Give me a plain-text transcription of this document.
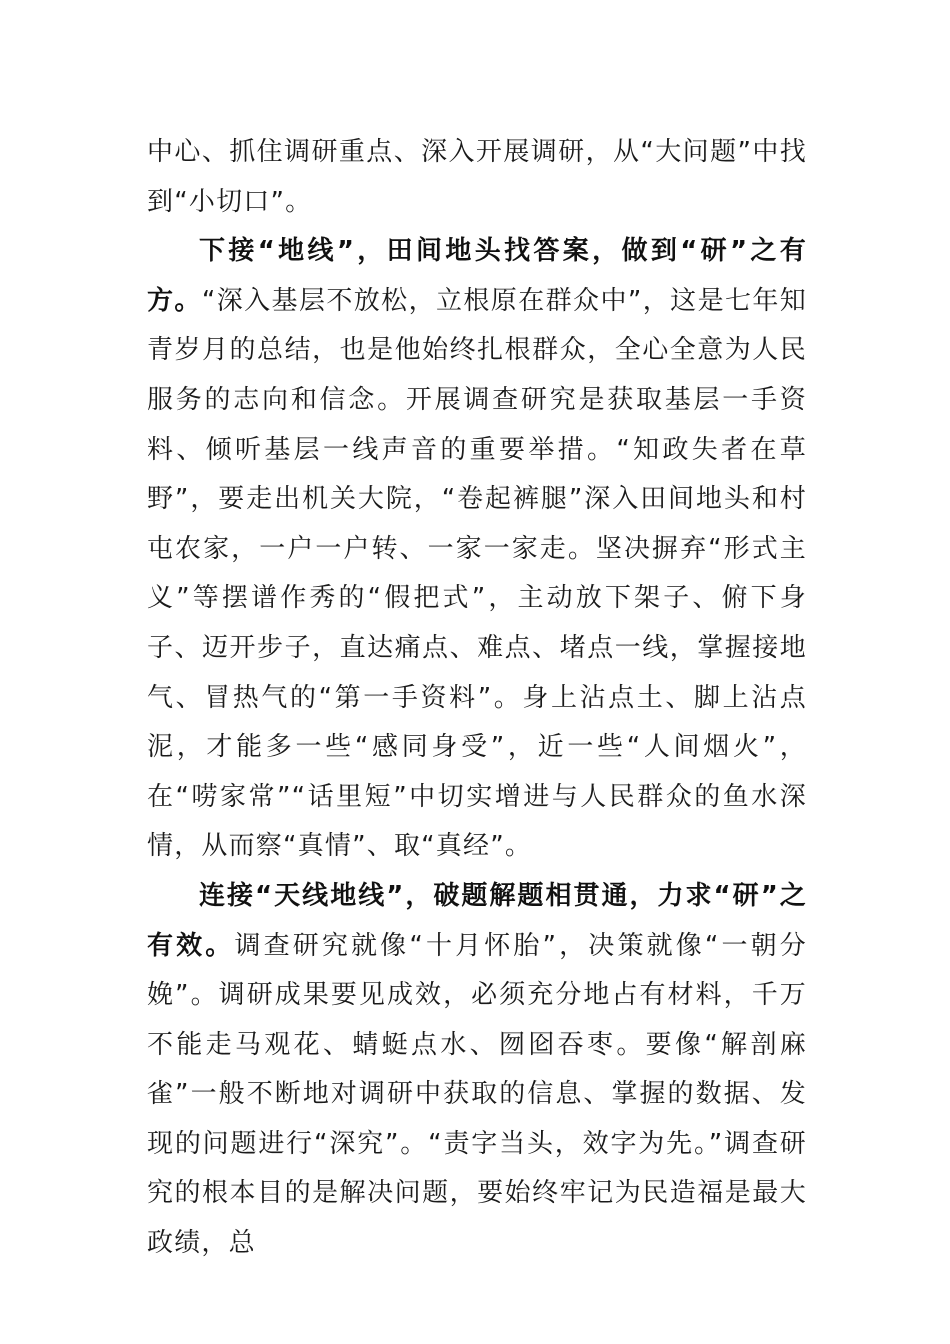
中心、抓住调研重点、深入开展调研，从“大问题”中找到“小切口”。

下接“地线”，田间地头找答案，做到“研”之有方。“深入基层不放松，立根原在群众中”，这是七年知青岁月的总结，也是他始终扎根群众，全心全意为人民服务的志向和信念。开展调查研究是获取基层一手资料、倾听基层一线声音的重要举措。“知政失者在草野”，要走出机关大院，“卷起裤腿”深入田间地头和村屯农家，一户一户转、一家一家走。坚决摒弃“形式主义”等摆谱作秀的“假把式”，主动放下架子、俯下身子、迈开步子，直达痛点、难点、堵点一线，掌握接地气、冒热气的“第一手资料”。身上沾点土、脚上沾点泥，才能多一些“感同身受”，近一些“人间烟火”，在“唠家常”“话里短”中切实增进与人民群众的鱼水深情，从而察“真情”、取“真经”。

连接“天线地线”，破题解题相贯通，力求“研”之有效。调查研究就像“十月怀胎”，决策就像“一朝分娩”。调研成果要见成效，必须充分地占有材料，千万不能走马观花、蜻蜓点水、囫囵吞枣。要像“解剖麻雀”一般不断地对调研中获取的信息、掌握的数据、发现的问题进行“深究”。“责字当头，效字为先。”调查研究的根本目的是解决问题，要始终牢记为民造福是最大政绩，总
